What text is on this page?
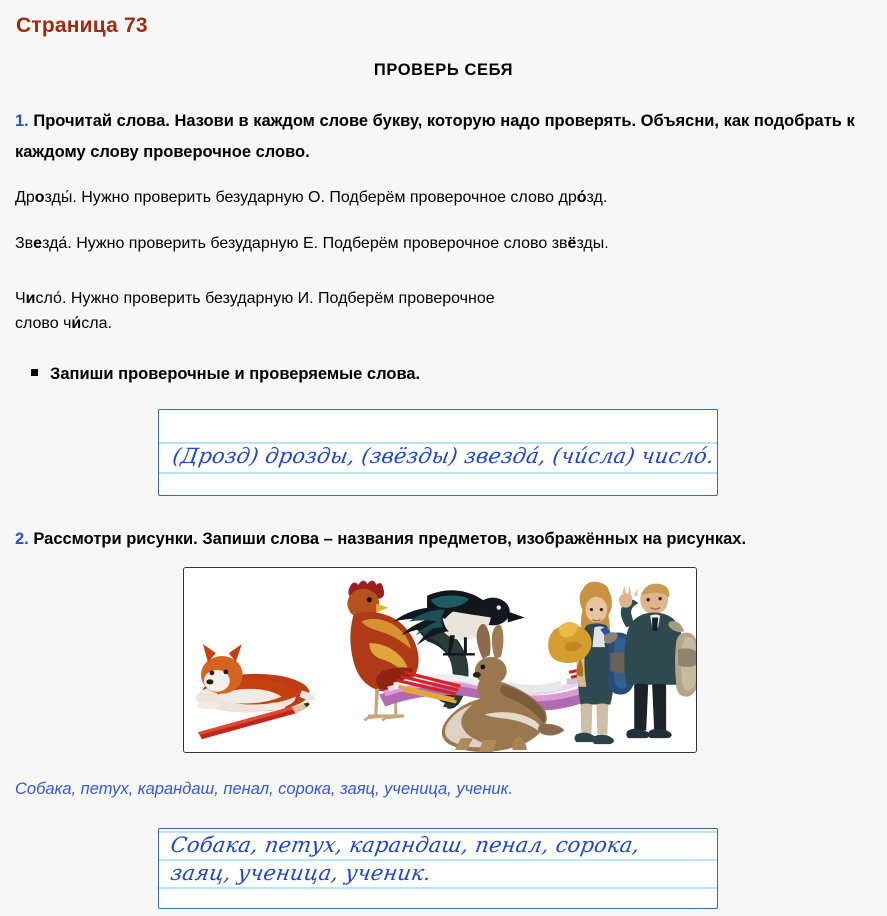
Страница 73
ПРОВЕРЬ СЕБЯ
1. Прочитай слова. Назови в каждом слове букву, которую надо проверять. Объясни, как подобрать к каждому слову проверочное слово.
Дрозды́. Нужно проверить безударную О. Подберём проверочное слово дро́зд.
Звезда́. Нужно проверить безударную Е. Подберём проверочное слово звёзды.
Число́. Нужно проверить безударную И. Подберём проверочное
слово чи́сла.
Запиши проверочные и проверяемые слова.
(Дрозд) дрозды, (звёзды) звезда́, (чи́сла) число́.
2. Рассмотри рисунки. Запиши слова – названия предметов, изображённых на рисунках.
Собака, петух, карандаш, пенал, сорока, заяц, ученица, ученик.
Собака, петух, карандаш, пенал, сорока,
заяц, ученица, ученик.
